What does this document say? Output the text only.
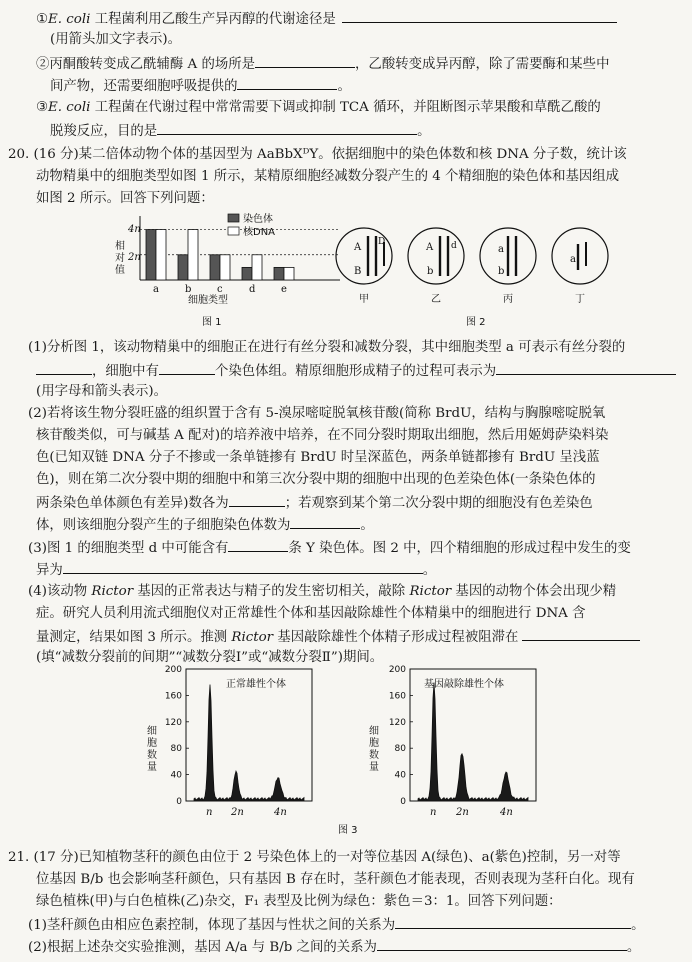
①E. coli 工程菌利用乙酸生产异丙醇的代谢途径是
(用箭头加文字表示)。
②丙酮酸转变成乙酰辅酶 A 的场所是	，乙酸转变成异丙醇，除了需要酶和某些中
间产物，还需要细胞呼吸提供的	。
③E. coli 工程菌在代谢过程中常常需要下调或抑制 TCA 循环，并阻断图示苹果酸和草酰乙酸的
脱羧反应，目的是	。
20. (16 分)某二倍体动物个体的基因型为 AaBbXᴰY。依据细胞中的染色体数和核 DNA 分子数，统计该
动物精巢中的细胞类型如图 1 所示，某精原细胞经减数分裂产生的 4 个精细胞的染色体和基因组成
如图 2 所示。回答下列问题：
a	b	c	d	e
相对值
4n
2n
染色体
核DNA
细胞类型
图 1
A
B
D
甲
A
b
d
乙
a
b
丙
a
丁
图 2
(1)分析图 1，该动物精巢中的细胞正在进行有丝分裂和减数分裂，其中细胞类型 a 可表示有丝分裂的
，细胞中有	个染色体组。精原细胞形成精子的过程可表示为
(用字母和箭头表示)。
(2)若将该生物分裂旺盛的组织置于含有 5-溴尿嘧啶脱氧核苷酸(简称 BrdU，结构与胸腺嘧啶脱氧
核苷酸类似，可与碱基 A 配对)的培养液中培养，在不同分裂时期取出细胞，然后用姬姆萨染料染
色(已知双链 DNA 分子不掺或一条单链掺有 BrdU 时呈深蓝色，两条单链都掺有 BrdU 呈浅蓝
色)，则在第二次分裂中期的细胞中和第三次分裂中期的细胞中出现的色差染色体(一条染色体的
两条染色单体颜色有差异)数各为	；若观察到某个第二次分裂中期的细胞没有色差染色
体，则该细胞分裂产生的子细胞染色体数为	。
(3)图 1 的细胞类型 d 中可能含有	条 Y 染色体。图 2 中，四个精细胞的形成过程中发生的变
异为	。
(4)该动物 Rictor 基因的正常表达与精子的发生密切相关，敲除 Rictor 基因的动物个体会出现少精
症。研究人员利用流式细胞仪对正常雄性个体和基因敲除雄性个体精巢中的细胞进行 DNA 含
量测定，结果如图 3 所示。推测 Rictor 基因敲除雄性个体精子形成过程被阻滞在
(填“减数分裂前的间期”“减数分裂Ⅰ”或“减数分裂Ⅱ”)期间。
细胞数量
200
160
120
80
40
0
正常雄性个体
n 2n	4n
细胞数量
200
160
120
80
40
0
基因敲除雄性个体
n 2n	4n
图 3
21. (17 分)已知植物茎秆的颜色由位于 2 号染色体上的一对等位基因 A(绿色)、a(紫色)控制，另一对等
位基因 B/b 也会影响茎秆颜色，只有基因 B 存在时，茎秆颜色才能表现，否则表现为茎秆白化。现有
绿色植株(甲)与白色植株(乙)杂交，F₁ 表型及比例为绿色：紫色＝3：1。回答下列问题：
(1)茎秆颜色由相应色素控制，体现了基因与性状之间的关系为	。
(2)根据上述杂交实验推测，基因 A/a 与 B/b 之间的关系为	。
